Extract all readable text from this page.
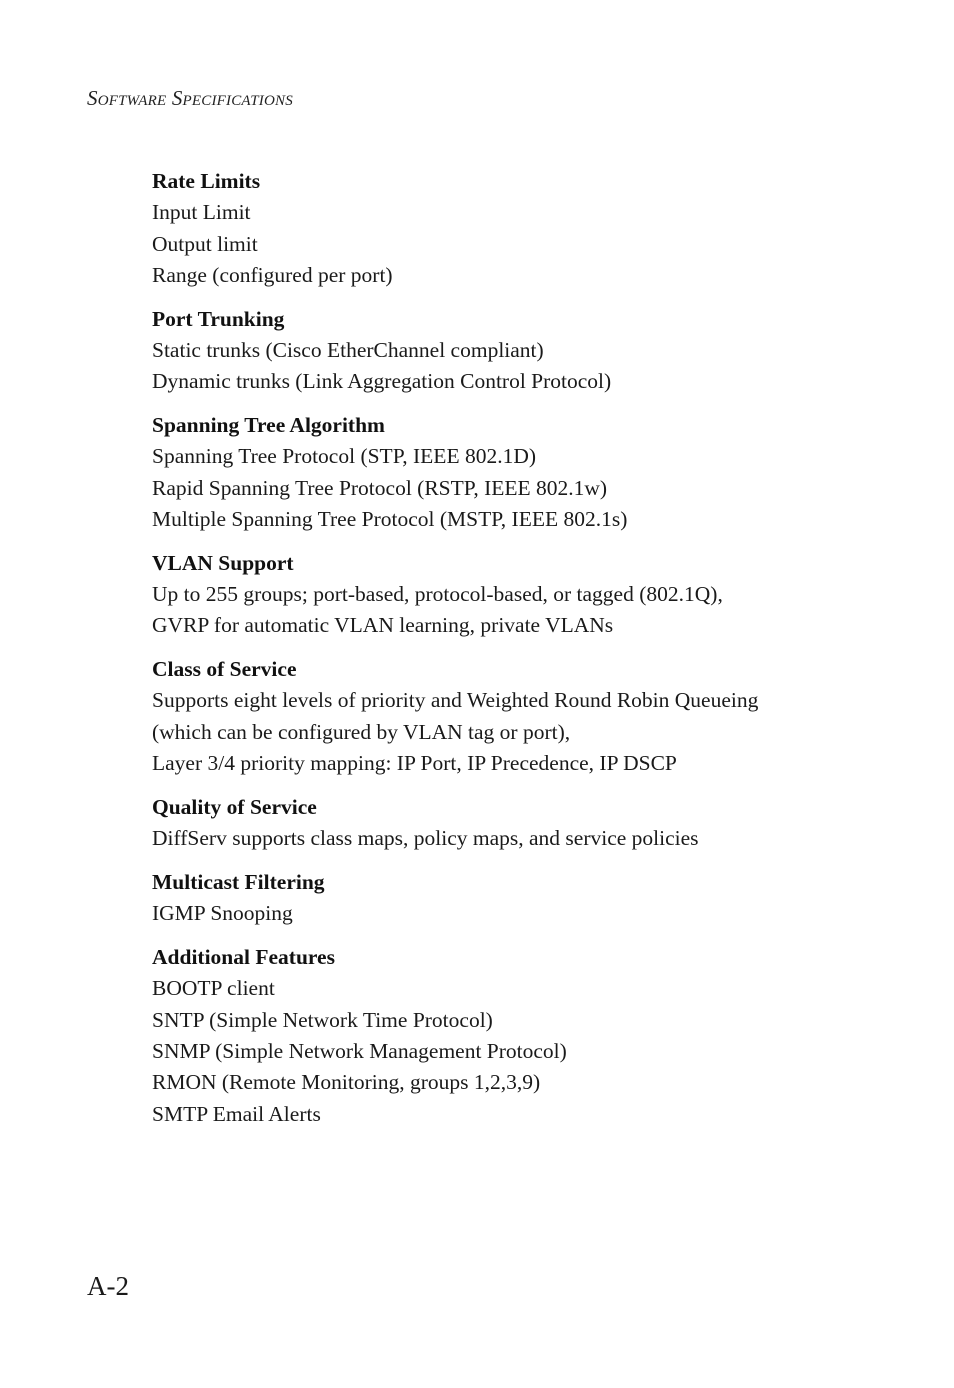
Software Specifications
Rate Limits
Input Limit
Output limit
Range (configured per port)
Port Trunking
Static trunks (Cisco EtherChannel compliant)
Dynamic trunks (Link Aggregation Control Protocol)
Spanning Tree Algorithm
Spanning Tree Protocol (STP, IEEE 802.1D)
Rapid Spanning Tree Protocol (RSTP, IEEE 802.1w)
Multiple Spanning Tree Protocol (MSTP, IEEE 802.1s)
VLAN Support
Up to 255 groups; port-based, protocol-based, or tagged (802.1Q),
GVRP for automatic VLAN learning, private VLANs
Class of Service
Supports eight levels of priority and Weighted Round Robin Queueing
(which can be configured by VLAN tag or port),
Layer 3/4 priority mapping: IP Port, IP Precedence, IP DSCP
Quality of Service
DiffServ supports class maps, policy maps, and service policies
Multicast Filtering
IGMP Snooping
Additional Features
BOOTP client
SNTP (Simple Network Time Protocol)
SNMP (Simple Network Management Protocol)
RMON (Remote Monitoring, groups 1,2,3,9)
SMTP Email Alerts
A-2
